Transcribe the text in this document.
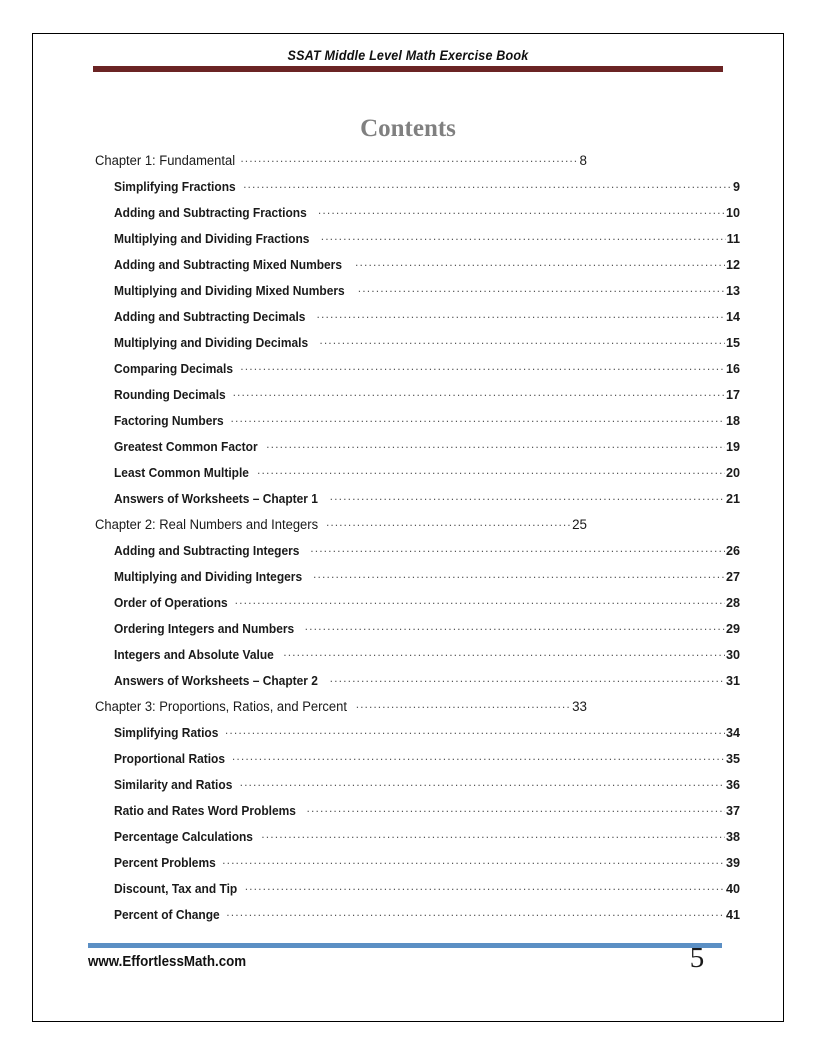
SSAT Middle Level Math Exercise Book
Contents
Chapter 1: Fundamental .....	8
Simplifying Fractions .....	9
Adding and Subtracting Fractions .....	10
Multiplying and Dividing Fractions .....	11
Adding and Subtracting Mixed Numbers .....	12
Multiplying and Dividing Mixed Numbers .....	13
Adding and Subtracting Decimals .....	14
Multiplying and Dividing Decimals .....	15
Comparing Decimals .....	16
Rounding Decimals .....	17
Factoring Numbers .....	18
Greatest Common Factor .....	19
Least Common Multiple .....	20
Answers of Worksheets – Chapter 1 .....	21
Chapter 2: Real Numbers and Integers .....	25
Adding and Subtracting Integers .....	26
Multiplying and Dividing Integers .....	27
Order of Operations .....	28
Ordering Integers and Numbers .....	29
Integers and Absolute Value .....	30
Answers of Worksheets – Chapter 2 .....	31
Chapter 3: Proportions, Ratios, and Percent .....	33
Simplifying Ratios .....	34
Proportional Ratios .....	35
Similarity and Ratios .....	36
Ratio and Rates Word Problems .....	37
Percentage Calculations .....	38
Percent Problems .....	39
Discount, Tax and Tip .....	40
Percent of Change .....	41
www.EffortlessMath.com	5
